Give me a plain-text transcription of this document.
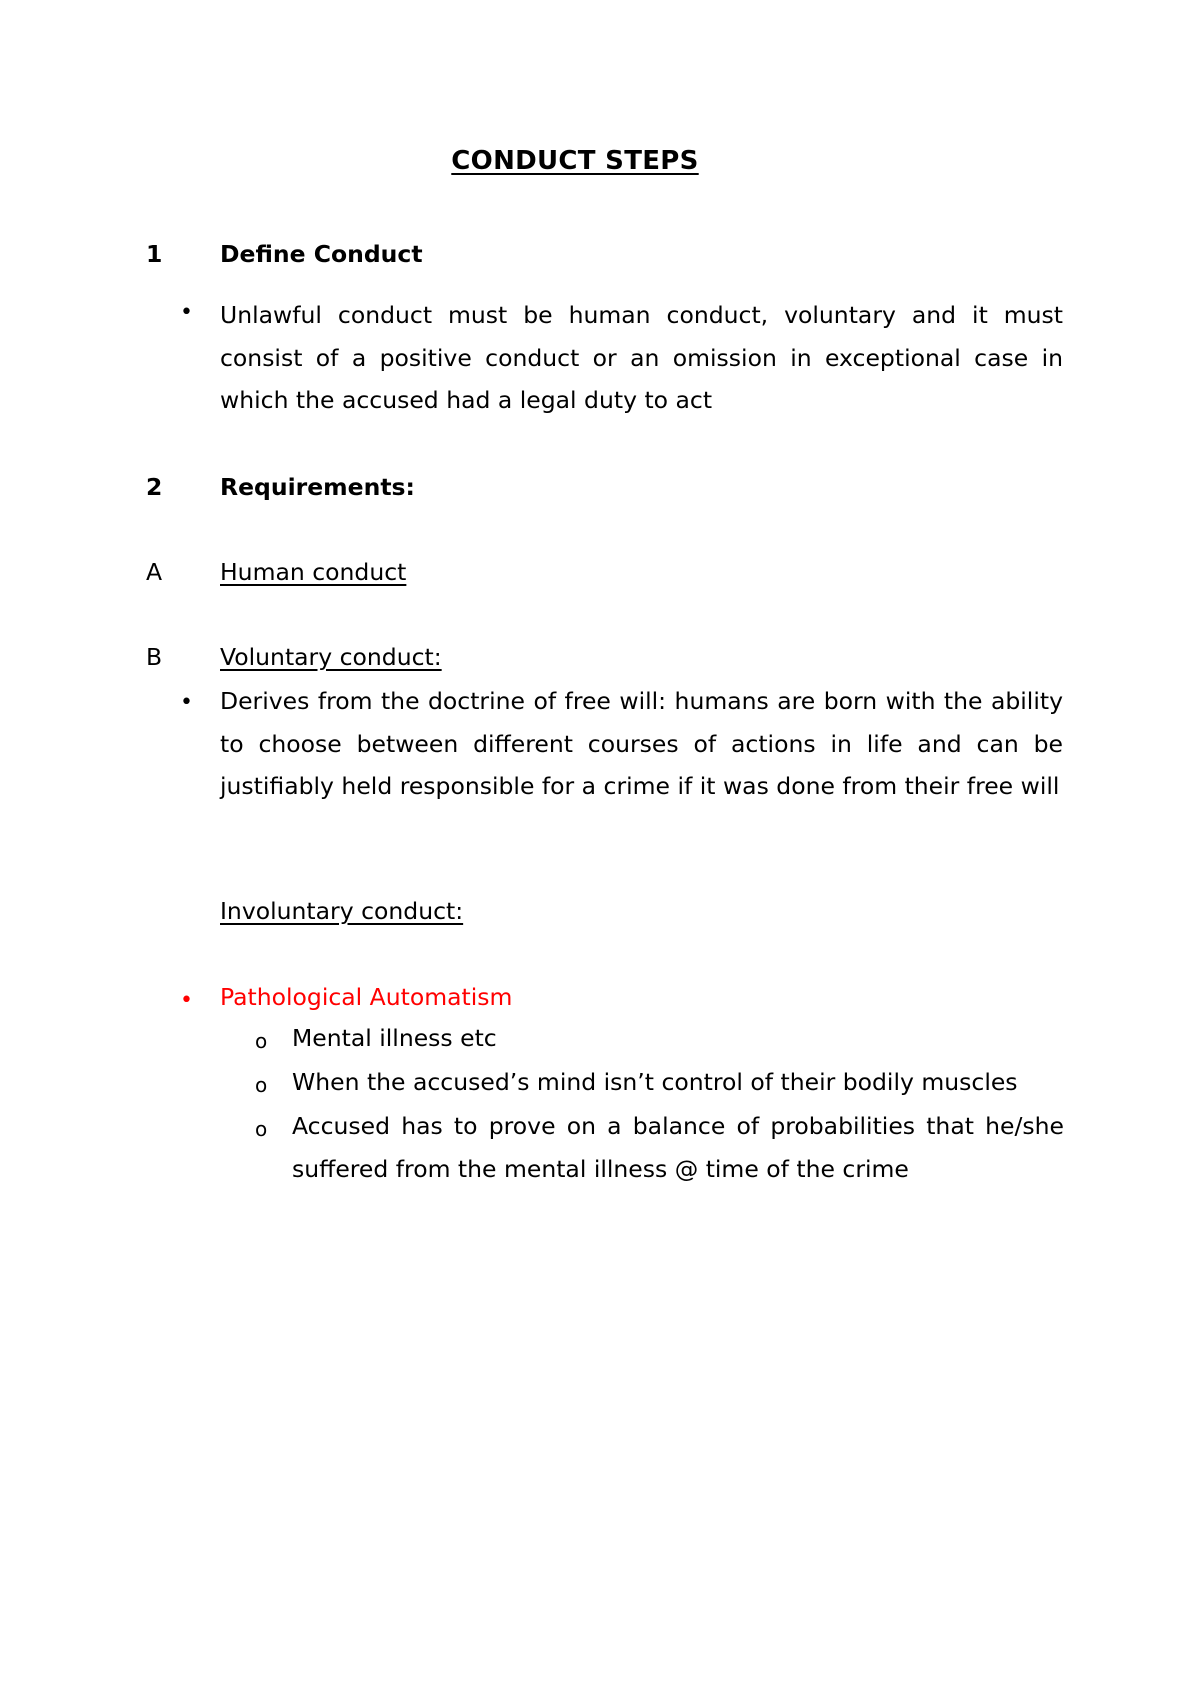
CONDUCT STEPS
1 Define Conduct
• Unlawful conduct must be human conduct, voluntary and it must consist of a positive conduct or an omission in exceptional case in which the accused had a legal duty to act
2 Requirements:
A Human conduct
B Voluntary conduct:
• Derives from the doctrine of free will: humans are born with the ability to choose between different courses of actions in life and can be justifiably held responsible for a crime if it was done from their free will
Involuntary conduct:
• Pathological Automatism
o Mental illness etc
o When the accused’s mind isn’t control of their bodily muscles
o Accused has to prove on a balance of probabilities that he/she suffered from the mental illness @ time of the crime
